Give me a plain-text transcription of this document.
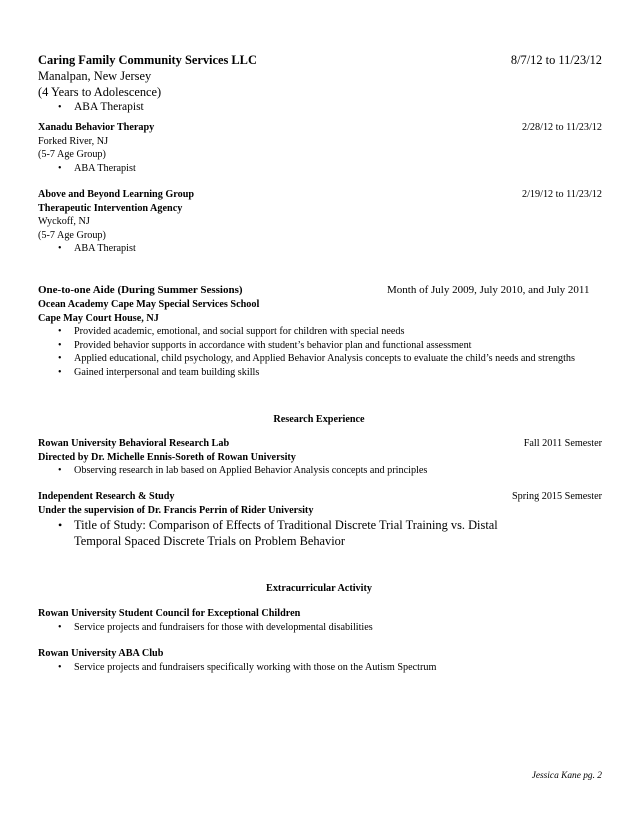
Caring Family Community Services LLC	8/7/12 to 11/23/12
Manalpan, New Jersey
(4 Years to Adolescence)
• ABA Therapist
Xanadu Behavior Therapy	2/28/12 to 11/23/12
Forked River, NJ
(5-7 Age Group)
• ABA Therapist
Above and Beyond Learning Group	2/19/12 to 11/23/12
Therapeutic Intervention Agency
Wyckoff, NJ
(5-7 Age Group)
• ABA Therapist
One-to-one Aide (During Summer Sessions)	Month of July 2009, July 2010, and July 2011
Ocean Academy Cape May Special Services School
Cape May Court House, NJ
• Provided academic, emotional, and social support for children with special needs
• Provided behavior supports in accordance with student’s behavior plan and functional assessment
• Applied educational, child psychology, and Applied Behavior Analysis concepts to evaluate the child’s needs and strengths
• Gained interpersonal and team building skills
Research Experience
Rowan University Behavioral Research Lab	Fall 2011 Semester
Directed by Dr. Michelle Ennis-Soreth of Rowan University
• Observing research in lab based on Applied Behavior Analysis concepts and principles
Independent Research & Study	Spring 2015 Semester
Under the supervision of Dr. Francis Perrin of Rider University
• Title of Study: Comparison of Effects of Traditional Discrete Trial Training vs. Distal Temporal Spaced Discrete Trials on Problem Behavior
Extracurricular Activity
Rowan University Student Council for Exceptional Children
• Service projects and fundraisers for those with developmental disabilities
Rowan University ABA Club
• Service projects and fundraisers specifically working with those on the Autism Spectrum
Jessica Kane pg. 2
